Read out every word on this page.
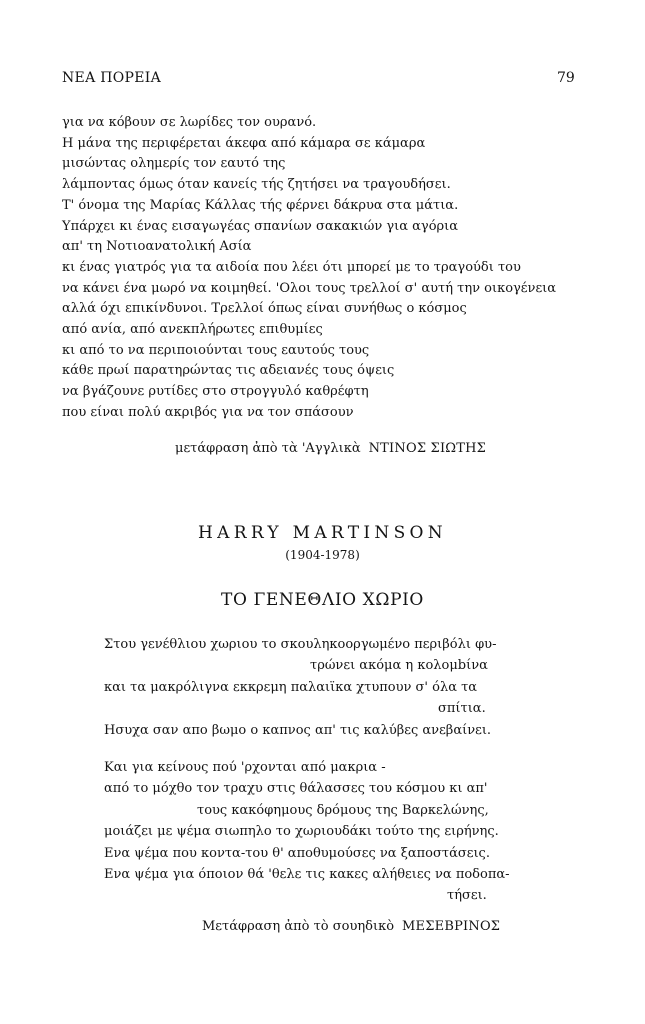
ΝΕΑ ΠΟΡΕΙΑ	79
για να κόβουν σε λωρίδες τον ουρανό.
Η μάνα της περιφέρεται άκεφα από κάμαρα σε κάμαρα
μισώντας ολημερίς τον εαυτό της
λάμποντας όμως όταν κανείς τής ζητήσει να τραγουδήσει.
Τ' όνομα της Μαρίας Κάλλας τής φέρνει δάκρυα στα μάτια.
Υπάρχει κι ένας εισαγωγέας σπανίων σακακιών για αγόρια
απ' τη Νοτιοανατολική Ασία
κι ένας γιατρός για τα αιδοία που λέει ότι μπορεί με το τραγούδι του
να κάνει ένα μωρό να κοιμηθεί. 'Ολοι τους τρελλοί σ' αυτή την οικογένεια
αλλά όχι επικίνδυνοι. Τρελλοί όπως είναι συνήθως ο κόσμος
από ανία, από ανεκπλήρωτες επιθυμίες
κι από το να περιποιούνται τους εαυτούς τους
κάθε πρωί παρατηρώντας τις αδειανές τους όψεις
να βγάζουνε ρυτίδες στο στρογγυλό καθρέφτη
που είναι πολύ ακριβός για να τον σπάσουν
μετάφραση ἀπὸ τὰ 'Αγγλικὰ ΝΤΙΝΟΣ ΣΙΩΤΗΣ
HARRY MARTINSON
(1904-1978)
ΤΟ ΓΕΝΕΘΛΙΟ ΧΩΡΙΟ
Στου γενέθλιου χωριου το σκουληκοοργωμένο περιβόλι φυ-
τρώνει ακόμα η κολομbίνα
και τα μακρόλιγνα εκκρεμη παλαιϊκα χτυπουν σ' όλα τα
σπίτια.
Ησυχα σαν απο βωμο ο καπνος απ' τις καλύβες ανεβαίνει.
Και για κείνους πού 'ρχονται από μακρια -
από το μόχθο τον τραχυ στις θάλασσες του κόσμου κι απ'
τους κακόφημους δρόμους της Βαρκελώνης,
μοιάζει με ψέμα σιωπηλο το χωριουδάκι τούτο της ειρήνης.
Ενα ψέμα που κοντα-του θ' αποθυμούσες να ξαποστάσεις.
Ενα ψέμα για όποιον θά 'θελε τις κακες αλήθειες να ποδοπα-
τήσει.
Μετάφραση ἀπὸ τὸ σουηδικὸ ΜΕΣΕΒΡΙΝΟΣ
